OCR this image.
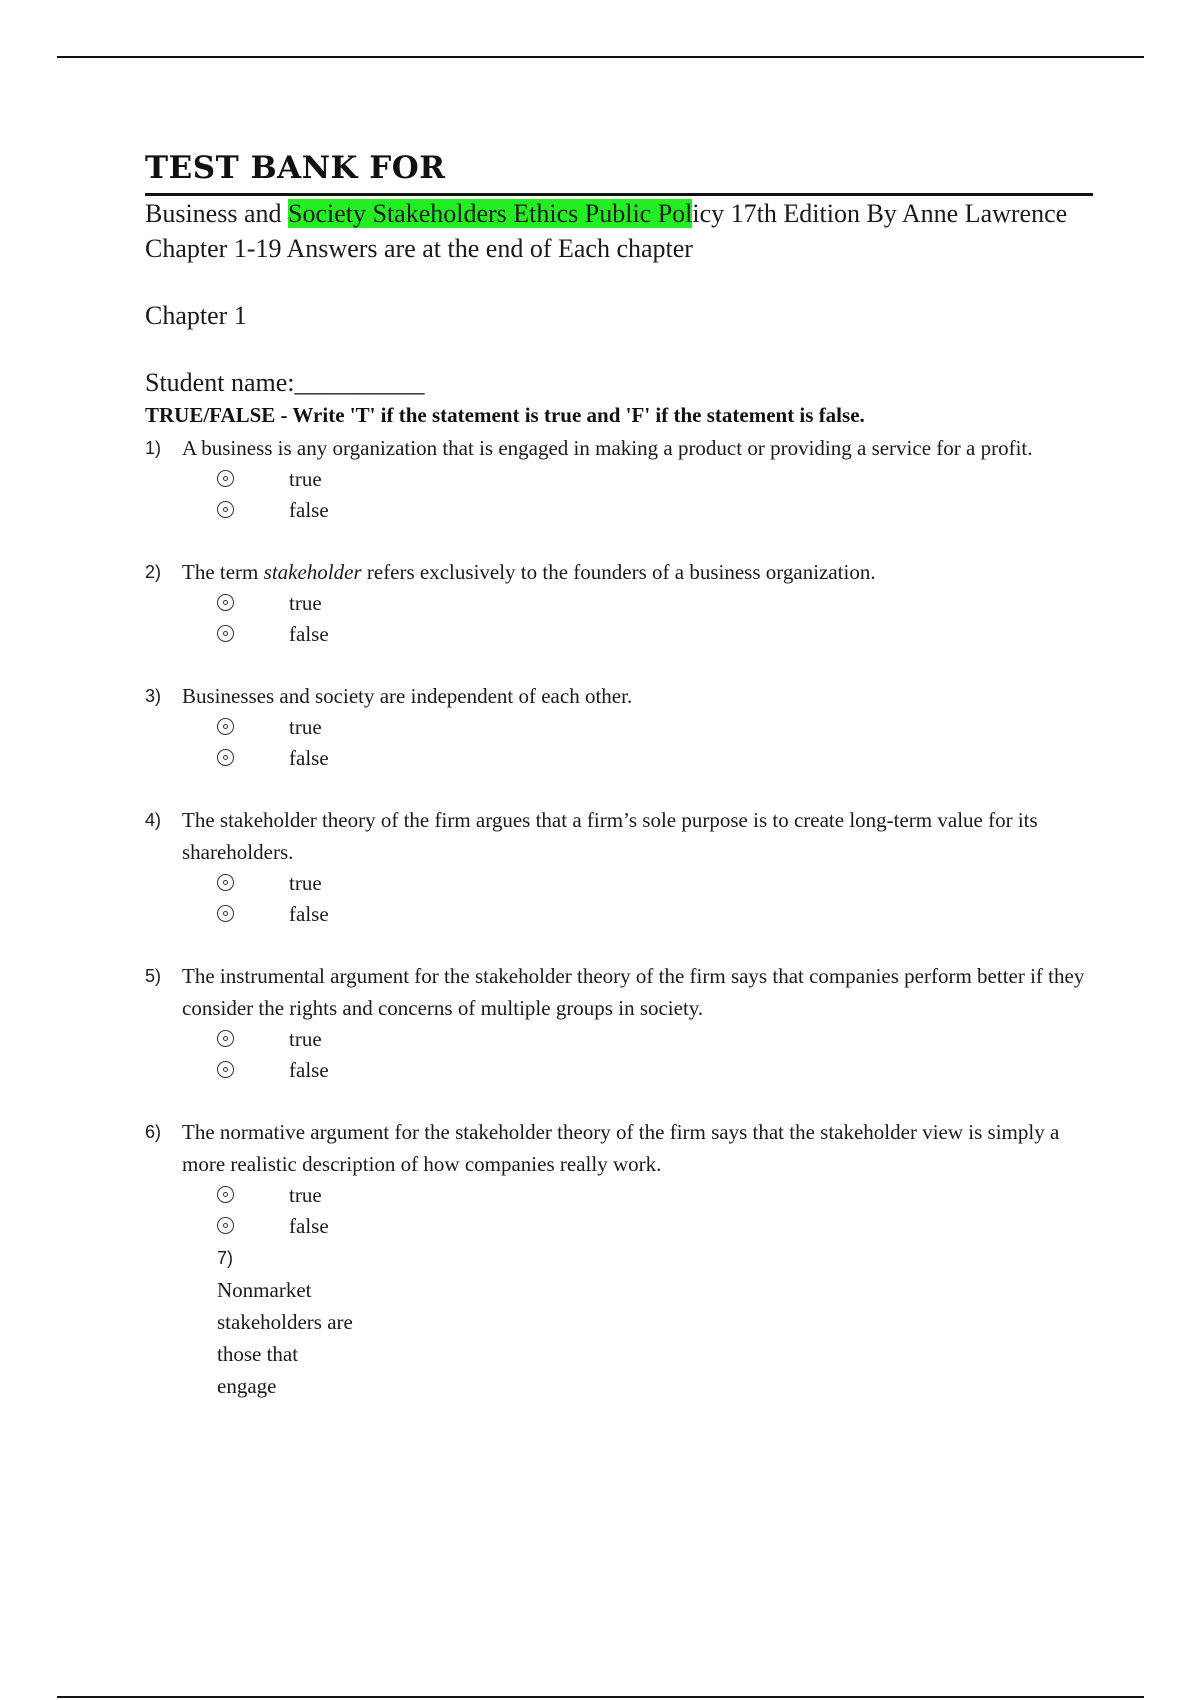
TEST BANK FOR

Business and Society Stakeholders Ethics Public Policy 17th Edition By Anne Lawrence Chapter 1-19 Answers are at the end of Each chapter

Chapter 1
Student name:__________
TRUE/FALSE - Write 'T' if the statement is true and 'F' if the statement is false.
1) A business is any organization that is engaged in making a product or providing a service for a profit.
true
false
2) The term stakeholder refers exclusively to the founders of a business organization.
true
false
3) Businesses and society are independent of each other.
true
false
4) The stakeholder theory of the firm argues that a firm’s sole purpose is to create long-term value for its shareholders.
true
false
5) The instrumental argument for the stakeholder theory of the firm says that companies perform better if they consider the rights and concerns of multiple groups in society.
true
false
6) The normative argument for the stakeholder theory of the firm says that the stakeholder view is simply a more realistic description of how companies really work.
true
false
7)
Nonmarket stakeholders are those that engage
